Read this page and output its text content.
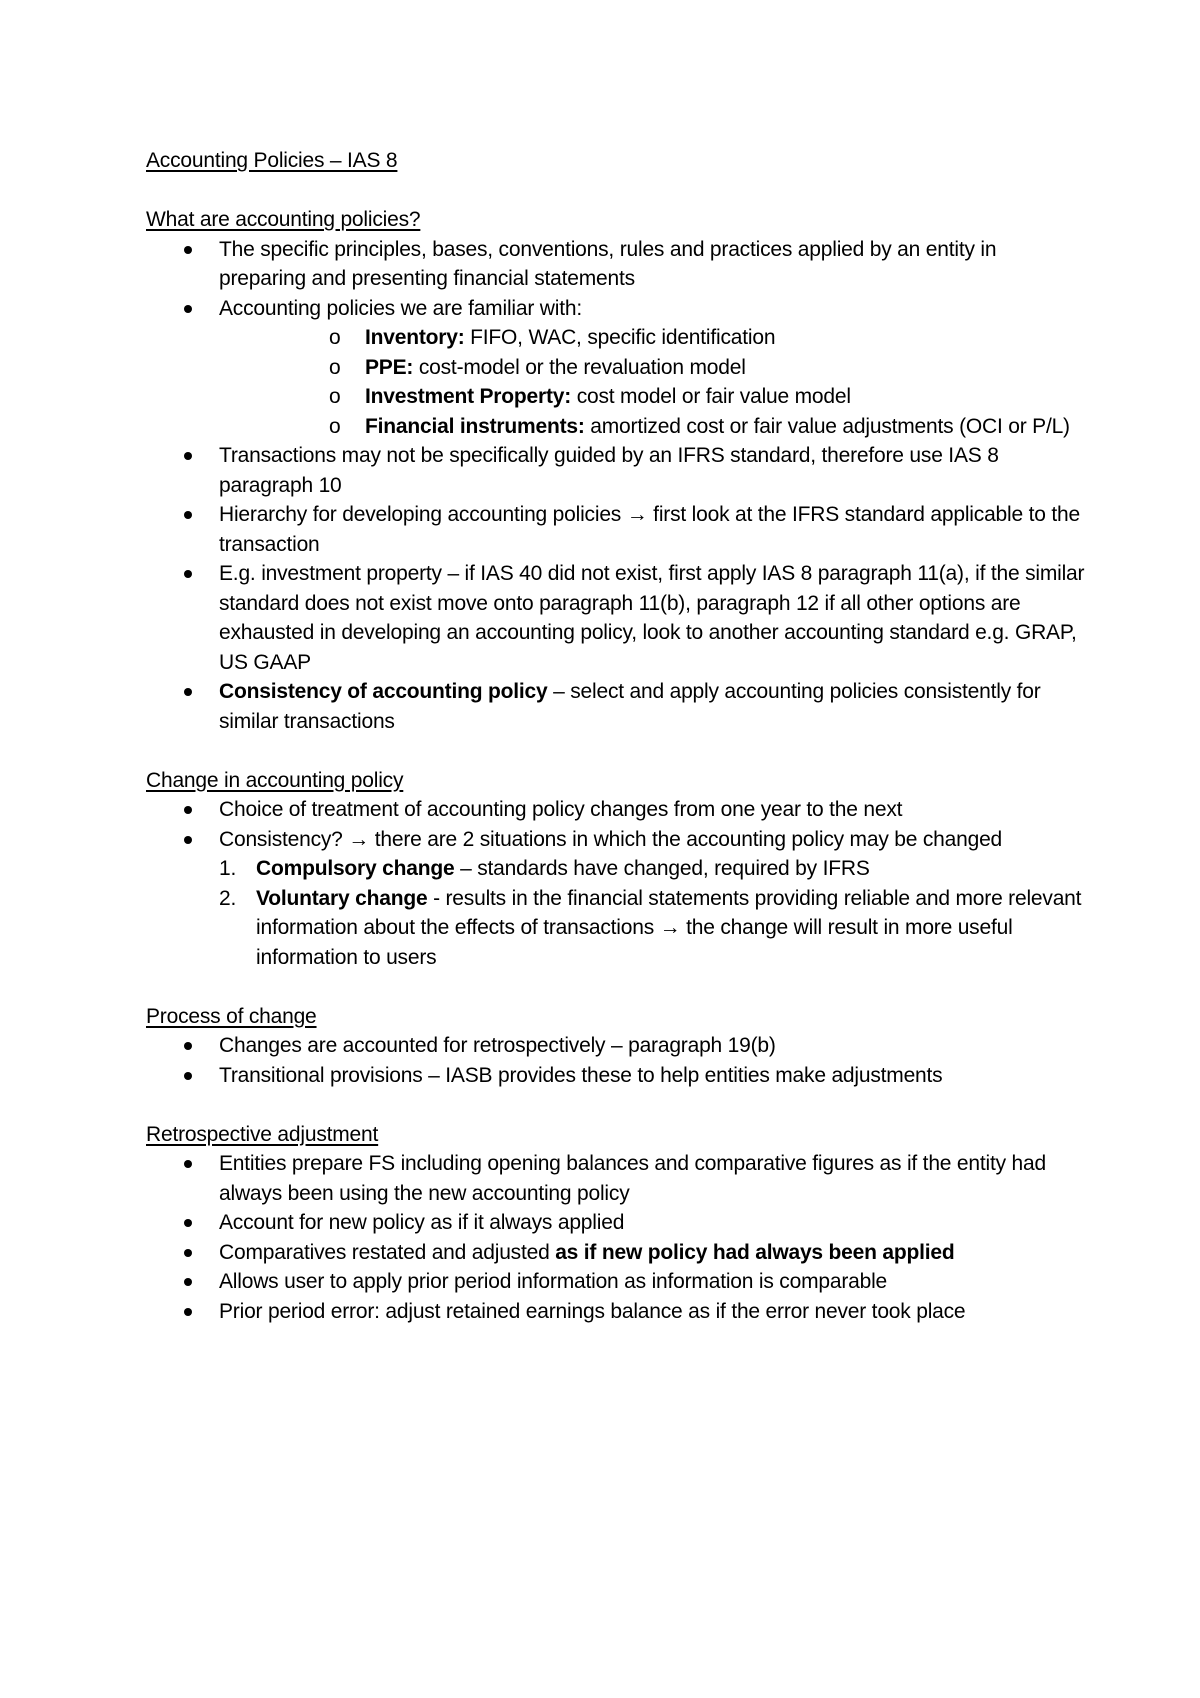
Accounting Policies – IAS 8

What are accounting policies?

The specific principles, bases, conventions, rules and practices applied by an entity in preparing and presenting financial statements
Accounting policies we are familiar with:
o Inventory: FIFO, WAC, specific identification
o PPE: cost-model or the revaluation model
o Investment Property: cost model or fair value model
o Financial instruments: amortized cost or fair value adjustments (OCI or P/L)
Transactions may not be specifically guided by an IFRS standard, therefore use IAS 8 paragraph 10
Hierarchy for developing accounting policies → first look at the IFRS standard applicable to the transaction
E.g. investment property – if IAS 40 did not exist, first apply IAS 8 paragraph 11(a), if the similar standard does not exist move onto paragraph 11(b), paragraph 12 if all other options are exhausted in developing an accounting policy, look to another accounting standard e.g. GRAP, US GAAP
Consistency of accounting policy – select and apply accounting policies consistently for similar transactions

Change in accounting policy

Choice of treatment of accounting policy changes from one year to the next
Consistency? → there are 2 situations in which the accounting policy may be changed
1. Compulsory change – standards have changed, required by IFRS
2. Voluntary change - results in the financial statements providing reliable and more relevant information about the effects of transactions → the change will result in more useful information to users

Process of change

Changes are accounted for retrospectively – paragraph 19(b)
Transitional provisions – IASB provides these to help entities make adjustments

Retrospective adjustment

Entities prepare FS including opening balances and comparative figures as if the entity had always been using the new accounting policy
Account for new policy as if it always applied
Comparatives restated and adjusted as if new policy had always been applied
Allows user to apply prior period information as information is comparable
Prior period error: adjust retained earnings balance as if the error never took place
